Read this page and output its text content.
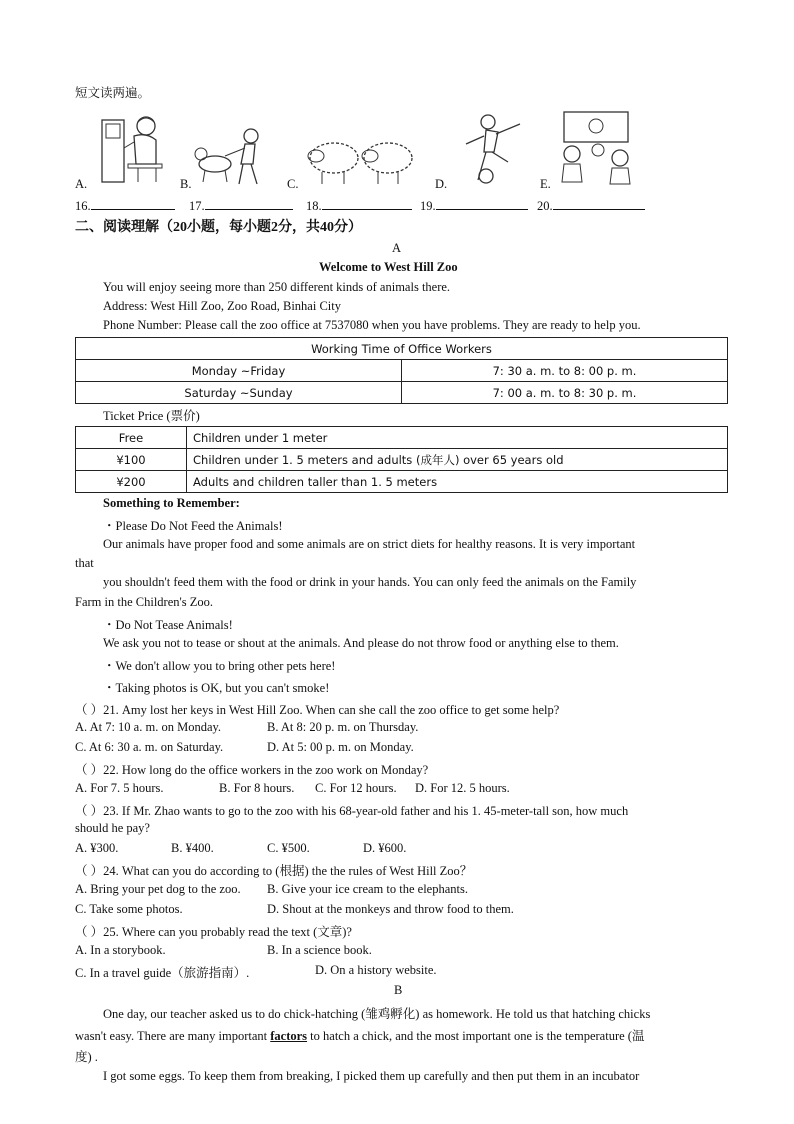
短文读两遍。
A.	B.	C.	D.	E.
16.	17.	18.	19.	20.
二、阅读理解（20小题，每小题2分，共40分）
A
Welcome to West Hill Zoo
You will enjoy seeing more than 250 different kinds of animals there.
Address: West Hill Zoo, Zoo Road, Binhai City
Phone Number: Please call the zoo office at 7537080 when you have problems. They are ready to help you.
Working Time of Office Workers	
Monday ~Friday	7: 30 a. m. to 8: 00 p. m.
Saturday ~Sunday	7: 00 a. m. to 8: 30 p. m.
Ticket Price (票价)
Free	Children under 1 meter
¥100	Children under 1. 5 meters and adults (成年人) over 65 years old
¥200	Adults and children taller than 1. 5 meters
Something to Remember:
・Please Do Not Feed the Animals!
Our animals have proper food and some animals are on strict diets for healthy reasons. It is very important
that
you shouldn't feed them with the food or drink in your hands. You can only feed the animals on the Family
Farm in the Children's Zoo.
・Do Not Tease Animals!
We ask you not to tease or shout at the animals. And please do not throw food or anything else to them.
・We don't allow you to bring other pets here!
・Taking photos is OK, but you can't smoke!
（ ）21. Amy lost her keys in West Hill Zoo. When can she call the zoo office to get some help?
A. At 7: 10 a. m. on Monday.	B. At 8: 20 p. m. on Thursday.
C. At 6: 30 a. m. on Saturday.	D. At 5: 00 p. m. on Monday.
（ ）22. How long do the office workers in the zoo work on Monday?
A. For 7. 5 hours.	B. For 8 hours. C. For 12 hours. D. For 12. 5 hours.
（ ）23. If Mr. Zhao wants to go to the zoo with his 68-year-old father and his 1. 45-meter-tall son, how much
should he pay?
A. ¥300.	B. ¥400.	C. ¥500.	D. ¥600.
（ ）24. What can you do according to (根据) the the rules of West Hill Zoo？
A. Bring your pet dog to the zoo. B. Give your ice cream to the elephants.
C. Take some photos.	D. Shout at the monkeys and throw food to them.
（ ）25. Where can you probably read the text (文章)?
A. In a storybook.	B. In a science book.
C. In a travel guide（旅游指南）.	D. On a history website.
B
One day, our teacher asked us to do chick-hatching (雏鸡孵化) as homework. He told us that hatching chicks
wasn't easy. There are many important factors to hatch a chick, and the most important one is the temperature (温
度) .
I got some eggs. To keep them from breaking, I picked them up carefully and then put them in an incubator
